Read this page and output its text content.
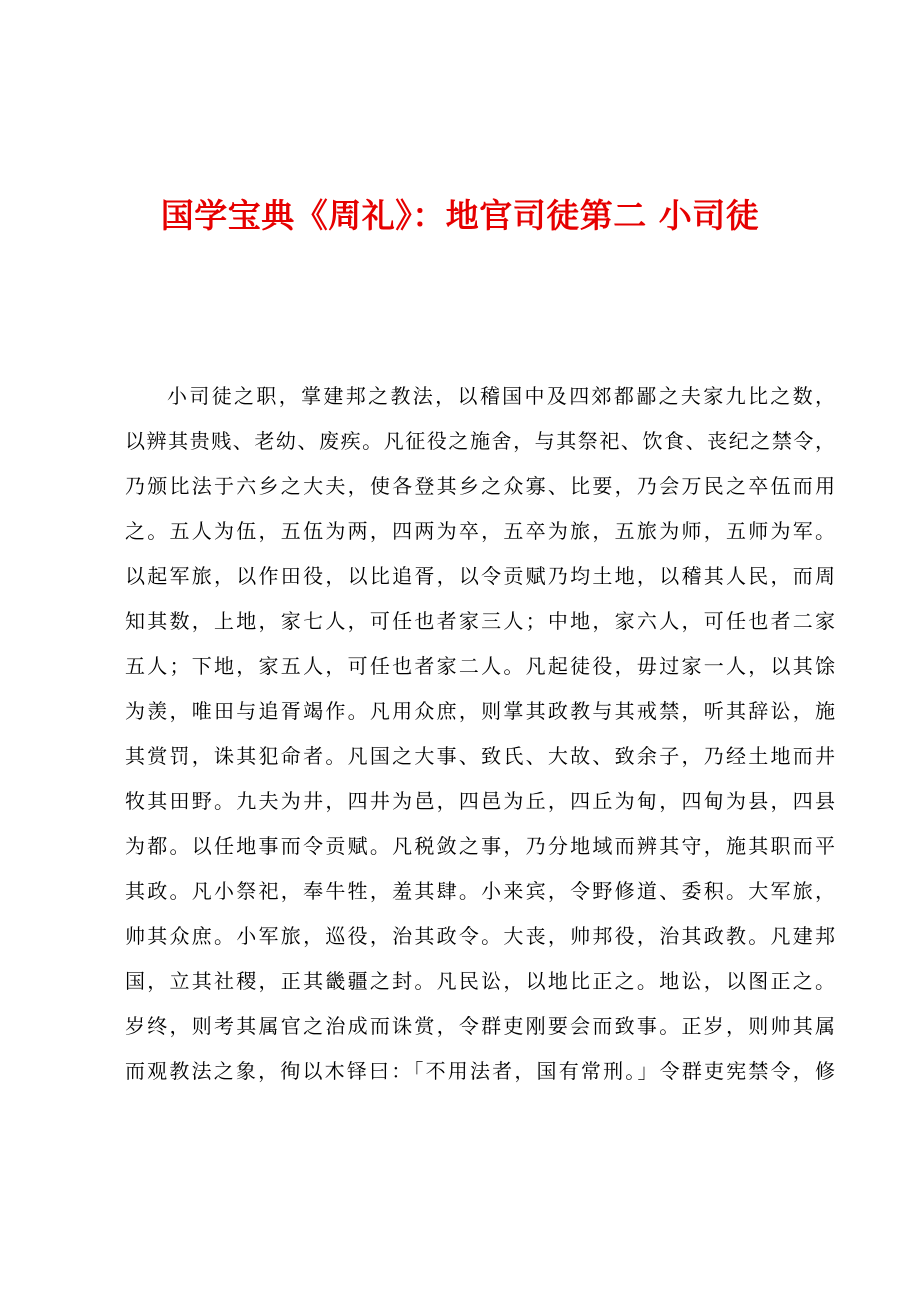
国学宝典《周礼》：地官司徒第二 小司徒
小司徒之职，掌建邦之教法，以稽国中及四郊都鄙之夫家九比之数，
以辨其贵贱、老幼、废疾。凡征役之施舍，与其祭祀、饮食、丧纪之禁令，
乃颁比法于六乡之大夫，使各登其乡之众寡、比要，乃会万民之卒伍而用
之。五人为伍，五伍为两，四两为卒，五卒为旅，五旅为师，五师为军。
以起军旅，以作田役，以比追胥，以令贡赋乃均土地，以稽其人民，而周
知其数，上地，家七人，可任也者家三人；中地，家六人，可任也者二家
五人；下地，家五人，可任也者家二人。凡起徒役，毋过家一人，以其馀
为羡，唯田与追胥竭作。凡用众庶，则掌其政教与其戒禁，听其辞讼，施
其赏罚，诛其犯命者。凡国之大事、致氏、大故、致余子，乃经土地而井
牧其田野。九夫为井，四井为邑，四邑为丘，四丘为甸，四甸为县，四县
为都。以任地事而令贡赋。凡税敛之事，乃分地域而辨其守，施其职而平
其政。凡小祭祀，奉牛牲，羞其肆。小来宾，令野修道、委积。大军旅，
帅其众庶。小军旅，巡役，治其政令。大丧，帅邦役，治其政教。凡建邦
国，立其社稷，正其畿疆之封。凡民讼，以地比正之。地讼，以图正之。
岁终，则考其属官之治成而诛赏，令群吏刚要会而致事。正岁，则帅其属
而观教法之象，徇以木铎曰：「不用法者，国有常刑。」令群吏宪禁令，修
